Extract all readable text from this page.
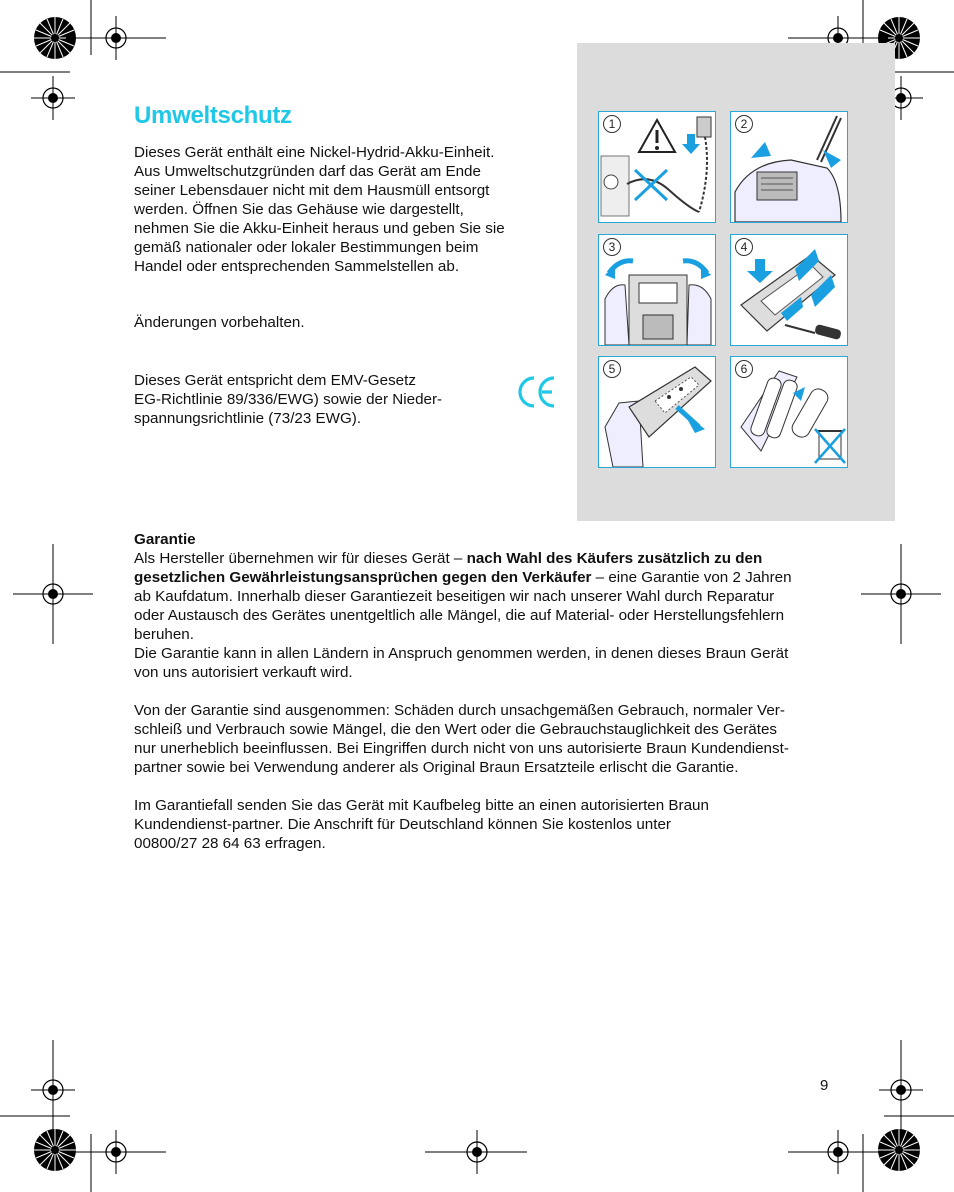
Umweltschutz

Dieses Gerät enthält eine Nickel-Hydrid-Akku-Einheit.

Aus Umweltschutzgründen darf das Gerät am Ende

seiner Lebensdauer nicht mit dem Hausmüll entsorgt

werden. Öffnen Sie das Gehäuse wie dargestellt,

nehmen Sie die Akku-Einheit heraus und geben Sie sie

gemäß nationaler oder lokaler Bestimmungen beim

Handel oder entsprechenden Sammelstellen ab.

Änderungen vorbehalten.

Dieses Gerät entspricht dem EMV-Gesetz

EG-Richtlinie 89/336/EWG) sowie der Nieder-

spannungsrichtlinie (73/23 EWG).

1	2
3	4
5	6

Garantie

Als Hersteller übernehmen wir für dieses Gerät – nach Wahl des Käufers zusätzlich zu den

gesetzlichen Gewährleistungsansprüchen gegen den Verkäufer – eine Garantie von 2 Jahren

ab Kaufdatum. Innerhalb dieser Garantiezeit beseitigen wir nach unserer Wahl durch Reparatur

oder Austausch des Gerätes unentgeltlich alle Mängel, die auf Material- oder Herstellungsfehlern

beruhen.

Die Garantie kann in allen Ländern in Anspruch genommen werden, in denen dieses Braun Gerät

von uns autorisiert verkauft wird.

Von der Garantie sind ausgenommen: Schäden durch unsachgemäßen Gebrauch, normaler Ver-

schleiß und Verbrauch sowie Mängel, die den Wert oder die Gebrauchstauglichkeit des Gerätes

nur unerheblich beeinflussen. Bei Eingriffen durch nicht von uns autorisierte Braun Kundendienst-

partner sowie bei Verwendung anderer als Original Braun Ersatzteile erlischt die Garantie.

Im Garantiefall senden Sie das Gerät mit Kaufbeleg bitte an einen autorisierten Braun

Kundendienst-partner. Die Anschrift für Deutschland können Sie kostenlos unter

00800/27 28 64 63 erfragen.

9
